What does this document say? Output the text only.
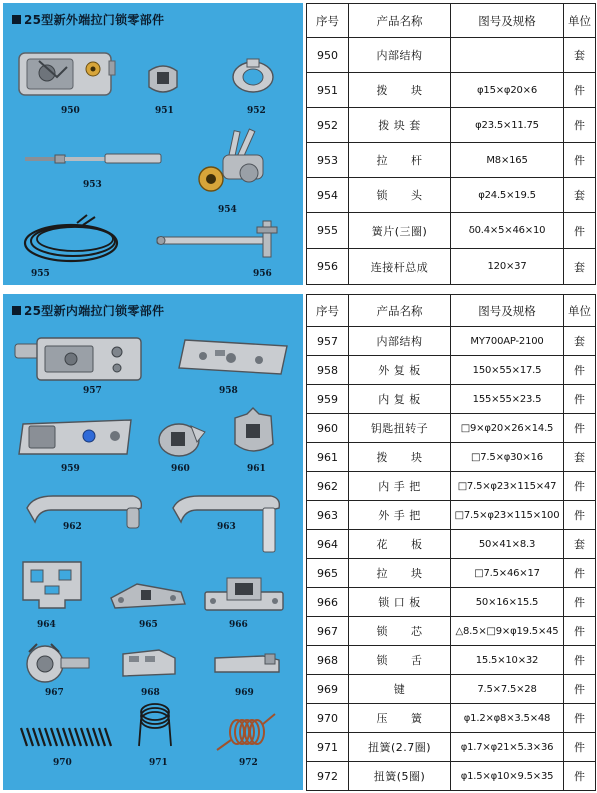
25型新外端拉门锁零部件
950	951	952
953
954
955	956
序号	产品名称	图号及规格	单位
950	内部结构		套
951	拨　　块	φ15×φ20×6	件
952	拨 块 套	φ23.5×11.75	件
953	拉　　杆	M8×165	件
954	锁　　头	φ24.5×19.5	套
955	簧片(三圈)	δ0.4×5×46×10	件
956	连接杆总成	120×37	套
25型新内端拉门锁零部件
957	958
959	960	961
962	963
964	965	966
967	968	969
970	971	972
序号	产品名称	图号及规格	单位
957	内部结构	MY700AP-2100	套
958	外 复 板	150×55×17.5	件
959	内 复 板	155×55×23.5	件
960	钥匙扭转子	□9×φ20×26×14.5	件
961	拨　　块	□7.5×φ30×16	套
962	内 手 把	□7.5×φ23×115×47	件
963	外 手 把	□7.5×φ23×115×100	件
964	花　　板	50×41×8.3	套
965	拉　　块	□7.5×46×17	件
966	锁 口 板	50×16×15.5	件
967	锁　　芯	△8.5×□9×φ19.5×45	件
968	锁　　舌	15.5×10×32	件
969	键	7.5×7.5×28	件
970	压　　簧	φ1.2×φ8×3.5×48	件
971	扭簧(2.7圈)	φ1.7×φ21×5.3×36	件
972	扭簧(5圈)	φ1.5×φ10×9.5×35	件
